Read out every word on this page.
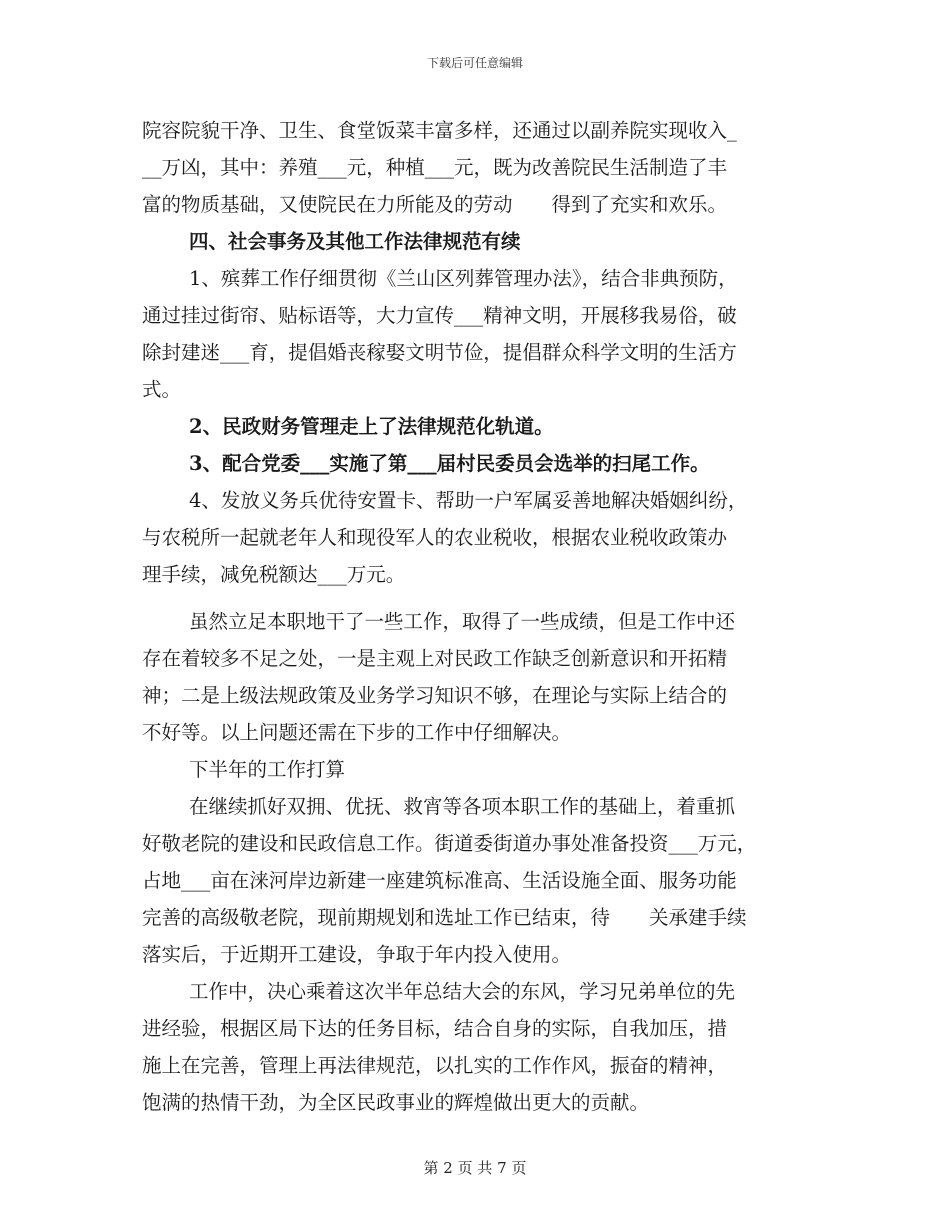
下载后可任意编辑

院容院貌干净、卫生、食堂饭菜丰富多样，还通过以副养院实现收入_

__万凶，其中：养殖___元，种植___元，既为改善院民生活制造了丰

富的物质基础，又使院民在力所能及的劳动　　得到了充实和欢乐。

四、社会事务及其他工作法律规范有续

1、殡葬工作仔细贯彻《兰山区列葬管理办法》，结合非典预防，

通过挂过街帘、贴标语等，大力宣传___精神文明，开展移我易俗，破

除封建迷___育，提倡婚丧稼娶文明节俭，提倡群众科学文明的生活方

式。

2、民政财务管理走上了法律规范化轨道。

3、配合党委___实施了第___届村民委员会选举的扫尾工作。

4、发放义务兵优待安置卡、帮助一户军属妥善地解决婚姻纠纷，

与农税所一起就老年人和现役军人的农业税收，根据农业税收政策办

理手续，减免税额达___万元。

虽然立足本职地干了一些工作，取得了一些成绩，但是工作中还

存在着较多不足之处，一是主观上对民政工作缺乏创新意识和开拓精

神；二是上级法规政策及业务学习知识不够，在理论与实际上结合的

不好等。以上问题还需在下步的工作中仔细解决。

下半年的工作打算

在继续抓好双拥、优抚、救宵等各项本职工作的基础上，着重抓

好敬老院的建设和民政信息工作。街道委街道办事处准备投资___万元，

占地___亩在涞河岸边新建一座建筑标准高、生活设施全面、服务功能

完善的高级敬老院，现前期规划和选址工作已结束，待　　关承建手续

落实后，于近期开工建设，争取于年内投入使用。

工作中，决心乘着这次半年总结大会的东风，学习兄弟单位的先

进经验，根据区局下达的任务目标，结合自身的实际，自我加压，措

施上在完善，管理上再法律规范，以扎实的工作作风，振奋的精神，

饱满的热情干劲，为全区民政事业的辉煌做出更大的贡献。

第 2 页 共 7 页
